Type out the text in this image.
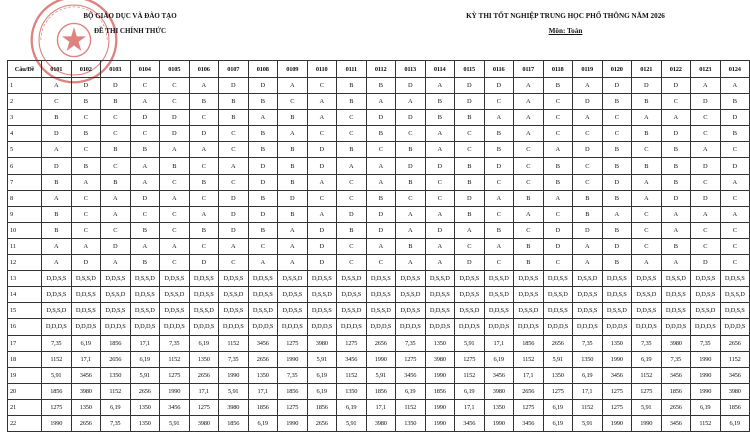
BỘ GIÁO DỤC VÀ ĐÀO TẠO
ĐỀ THI CHÍNH THỨC
KỲ THI TỐT NGHIỆP TRUNG HỌC PHỔ THÔNG NĂM 2026
Môn: Toán
Câu/Đề	0101	0102	0103	0104	0105	0106	0107	0108	0109	0110	0111	0112	0113	0114	0115	0116	0117	0118	0119	0120	0121	0122	0123	0124
1	A	D	D	C	C	A	D	D	A	C	B	B	D	A	D	D	A	B	A	D	D	D	A	A
2	C	B	B	A	C	B	B	B	C	A	B	A	A	B	D	C	A	C	D	B	B	C	D	B
3	B	C	C	D	D	C	B	A	B	A	C	D	D	B	B	A	A	C	A	C	A	A	C	D
4	D	B	C	C	D	D	C	B	A	C	C	B	C	A	C	B	A	C	C	C	B	D	C	B
5	A	C	B	B	A	A	C	B	B	D	B	C	B	A	C	B	C	A	D	B	C	B	A	C
6	D	B	C	A	B	C	A	D	B	D	A	A	D	D	B	D	C	B	C	B	B	B	D	D
7	B	A	B	A	C	B	C	D	B	A	C	A	B	C	B	C	C	B	C	D	A	B	C	A
8	A	C	A	D	A	C	D	B	D	C	C	B	C	C	D	A	B	A	B	B	A	D	D	C
9	B	C	A	C	C	A	D	D	B	A	D	D	A	A	B	C	A	C	B	A	C	A	A	A
10	B	C	C	B	C	B	D	B	A	D	B	D	A	D	A	B	C	D	D	B	C	A	C	C
11	A	A	D	A	A	C	A	C	A	D	C	A	B	A	C	A	B	D	A	D	C	B	C	C
12	A	D	A	B	C	D	C	A	A	D	C	C	A	A	D	C	B	C	A	B	A	A	D	C
13	D,D,S,S	D,S,S,D	D,D,S,S	D,S,S,D	D,D,S,S	D,D,S,S	D,D,S,S	D,D,S,S	D,S,S,D	D,D,S,S	D,S,S,D	D,D,S,S	D,D,S,S	D,S,S,D	D,D,S,S	D,S,S,D	D,D,S,S	D,D,S,S	D,S,S,D	D,D,S,S	D,D,S,S	D,S,S,D	D,D,S,S	D,D,S,S
14	D,D,S,S	D,D,S,S	D,S,S,D	D,D,S,S	D,S,S,D	D,D,S,S	D,S,S,D	D,D,S,S	D,D,S,S	D,S,S,D	D,D,S,S	D,D,S,S	D,S,S,D	D,D,S,S	D,D,S,S	D,S,S,D	D,D,S,S	D,S,S,D	D,D,S,S	D,D,S,S	D,S,S,D	D,D,S,S	D,D,S,S	D,S,S,D
15	D,S,S,D	D,D,S,S	D,D,S,S	D,S,S,D	D,D,S,S	D,S,S,D	D,D,S,S	D,S,S,D	D,D,S,S	D,D,S,S	D,S,S,D	D,S,S,D	D,D,S,S	D,D,S,S	D,S,S,D	D,D,S,S	D,S,S,D	D,D,S,S	D,D,S,S	D,S,S,D	D,D,S,S	D,D,S,S	D,S,S,D	D,D,S,S
16	D,D,D,S	D,D,D,S	D,D,D,S	D,D,D,S	D,D,D,S	D,D,D,S	D,D,D,S	D,D,D,S	D,D,D,S	D,D,D,S	D,D,D,S	D,D,D,S	D,D,D,S	D,D,D,S	D,D,D,S	D,D,D,S	D,D,D,S	D,D,D,S	D,D,D,S	D,D,D,S	D,D,D,S	D,D,D,S	D,D,D,S	D,D,D,S
17	7,35	6,19	1856	17,1	7,35	6,19	1152	3456	1275	3980	1275	2656	7,35	1350	5,91	17,1	1856	2656	7,35	1350	7,35	3980	7,35	2656
18	1152	17,1	2656	6,19	1152	1350	7,35	2656	1990	5,91	3456	1990	1275	3980	1275	6,19	1152	5,91	1350	1990	6,19	7,35	1990	1152
19	5,91	3456	1350	5,91	1275	2656	1990	1350	7,35	6,19	1152	5,91	3456	1990	1152	3456	17,1	1350	6,19	3456	1152	3456	1990	3456
20	1856	3980	1152	2656	1990	17,1	5,91	17,1	1856	6,19	1350	1856	6,19	1856	6,19	3980	2656	1275	17,1	1275	1275	1856	1990	3980
21	1275	1350	6,19	1350	3456	1275	3980	1856	1275	1856	6,19	17,1	1152	1990	17,1	1350	1275	6,19	1152	1275	5,91	2656	6,19	1856
22	1990	2656	7,35	1350	5,91	3980	1856	6,19	1990	2656	5,91	3980	1350	1990	3456	1990	3456	6,19	5,91	1990	1990	3456	1152	6,19
